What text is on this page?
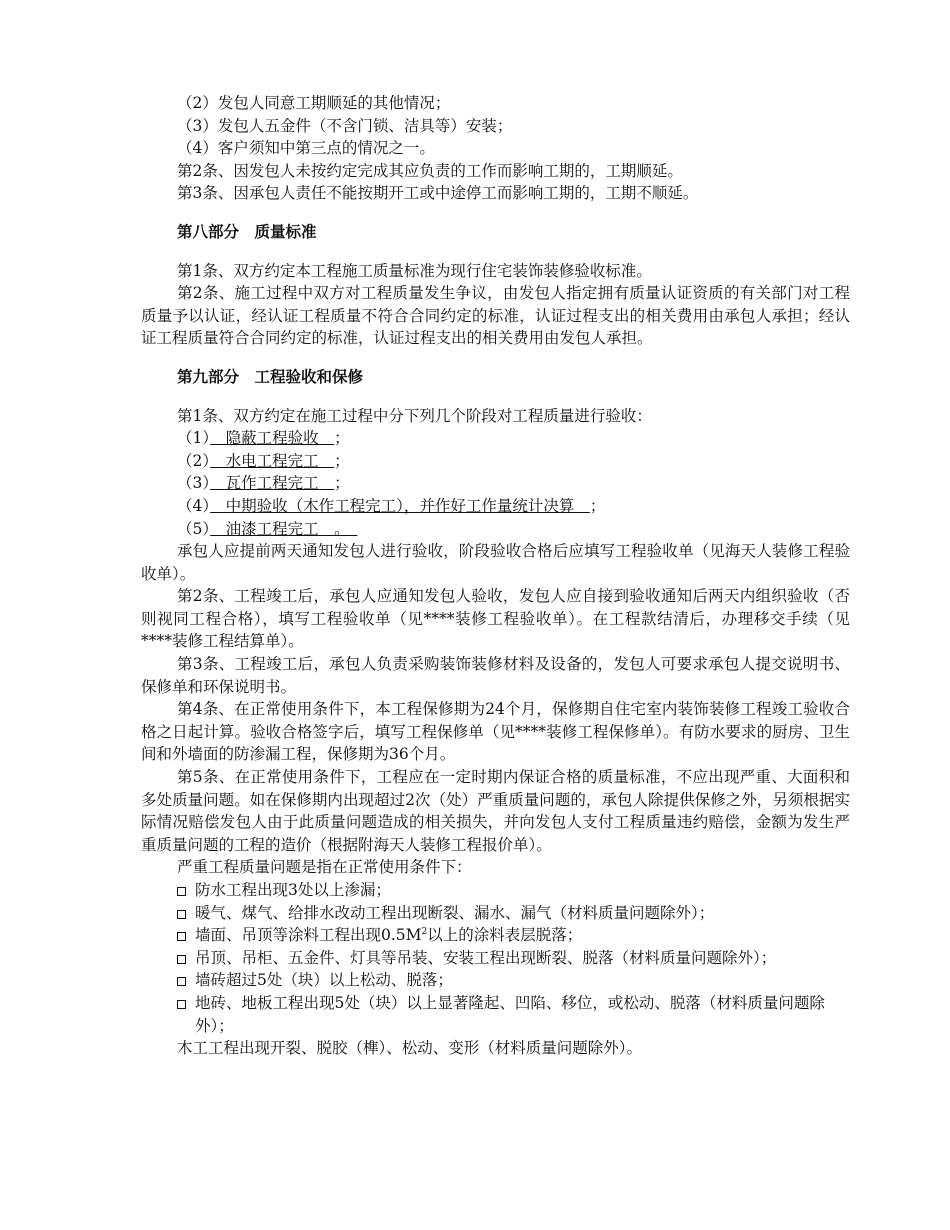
（2）发包人同意工期顺延的其他情况；
（3）发包人五金件（不含门锁、洁具等）安装；
（4）客户须知中第三点的情况之一。
第2条、因发包人未按约定完成其应负责的工作而影响工期的，工期顺延。
第3条、因承包人责任不能按期开工或中途停工而影响工期的，工期不顺延。
第八部分　质量标准
第1条、双方约定本工程施工质量标准为现行住宅装饰装修验收标准。
第2条、施工过程中双方对工程质量发生争议，由发包人指定拥有质量认证资质的有关部门对工程质量予以认证，经认证工程质量不符合合同约定的标准，认证过程支出的相关费用由承包人承担；经认证工程质量符合合同约定的标准，认证过程支出的相关费用由发包人承担。
第九部分　工程验收和保修
第1条、双方约定在施工过程中分下列几个阶段对工程质量进行验收：
（1）　隐蔽工程验收　；
（2）　水电工程完工　；
（3）　瓦作工程完工　；
（4）　中期验收（木作工程完工），并作好工作量统计决算　；
（5）　油漆工程完工　。　
承包人应提前两天通知发包人进行验收，阶段验收合格后应填写工程验收单（见海天人装修工程验收单）。
第2条、工程竣工后，承包人应通知发包人验收，发包人应自接到验收通知后两天内组织验收（否则视同工程合格），填写工程验收单（见****装修工程验收单）。在工程款结清后，办理移交手续（见****装修工程结算单）。
第3条、工程竣工后，承包人负责采购装饰装修材料及设备的，发包人可要求承包人提交说明书、保修单和环保说明书。
第4条、在正常使用条件下，本工程保修期为24个月，保修期自住宅室内装饰装修工程竣工验收合格之日起计算。验收合格签字后，填写工程保修单（见****装修工程保修单）。有防水要求的厨房、卫生间和外墙面的防渗漏工程，保修期为36个月。
第5条、在正常使用条件下，工程应在一定时期内保证合格的质量标准，不应出现严重、大面积和多处质量问题。如在保修期内出现超过2次（处）严重质量问题的，承包人除提供保修之外，另须根据实际情况赔偿发包人由于此质量问题造成的相关损失，并向发包人支付工程质量违约赔偿，金额为发生严重质量问题的工程的造价（根据附海天人装修工程报价单）。
严重工程质量问题是指在正常使用条件下：
防水工程出现3处以上渗漏；
暖气、煤气、给排水改动工程出现断裂、漏水、漏气（材料质量问题除外）；
墙面、吊顶等涂料工程出现$0.5M^2$以上的涂料表层脱落；
吊顶、吊柜、五金件、灯具等吊装、安装工程出现断裂、脱落（材料质量问题除外）；
墙砖超过5处（块）以上松动、脱落；
地砖、地板工程出现5处（块）以上显著隆起、凹陷、移位，或松动、脱落（材料质量问题除外）；
木工工程出现开裂、脱胶（榫）、松动、变形（材料质量问题除外）。
